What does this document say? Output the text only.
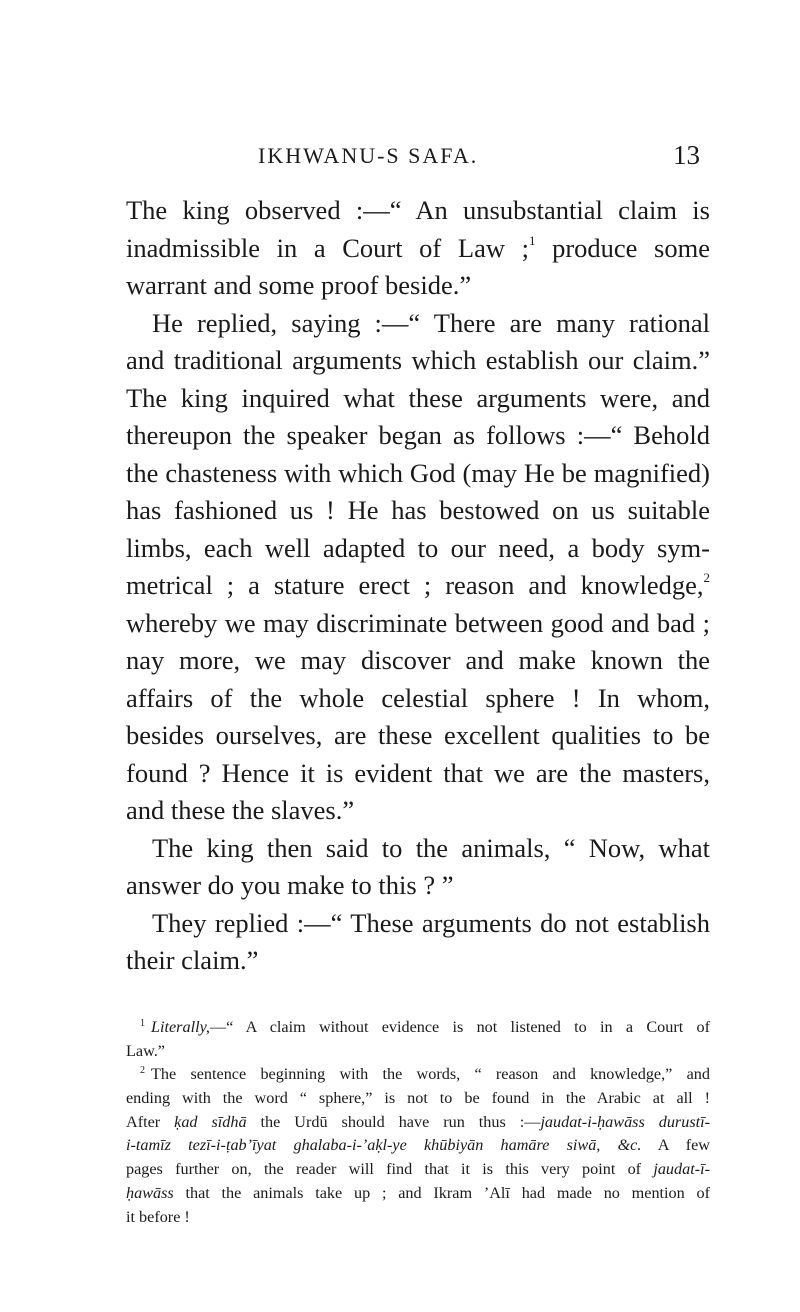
IKHWANU-S SAFA.	13
The king observed :—“ An unsubstantial claim is
inadmissible in a Court of Law ;$^1$ produce some
warrant and some proof beside.”
He replied, saying :—“ There are many rational
and traditional arguments which establish our claim.”
The king inquired what these arguments were, and
thereupon the speaker began as follows :—“ Behold
the chasteness with which God (may He be magnified)
has fashioned us ! He has bestowed on us suitable
limbs, each well adapted to our need, a body sym-
metrical ; a stature erect ; reason and knowledge,$^2$
whereby we may discriminate between good and bad ;
nay more, we may discover and make known the
affairs of the whole celestial sphere ! In whom,
besides ourselves, are these excellent qualities to be
found ? Hence it is evident that we are the masters,
and these the slaves.”
The king then said to the animals, “ Now, what
answer do you make to this ? ”
They replied :—“ These arguments do not establish
their claim.”
$^1$ Literally,—“ A claim without evidence is not listened to in a Court of
Law.”
$^2$ The sentence beginning with the words, “ reason and knowledge,” and
ending with the word “ sphere,” is not to be found in the Arabic at all !
After ḳad sīdhā the Urdū should have run thus :—jaudat-i-ḥawāss durustī-
i-tamīz tezī-i-ṭab’īyat ghalaba-i-’aḳl-ye khūbiyān hamāre siwā, &c. A few
pages further on, the reader will find that it is this very point of jaudat-ī-
ḥawāss that the animals take up ; and Ikram ’Alī had made no mention of
it before !
